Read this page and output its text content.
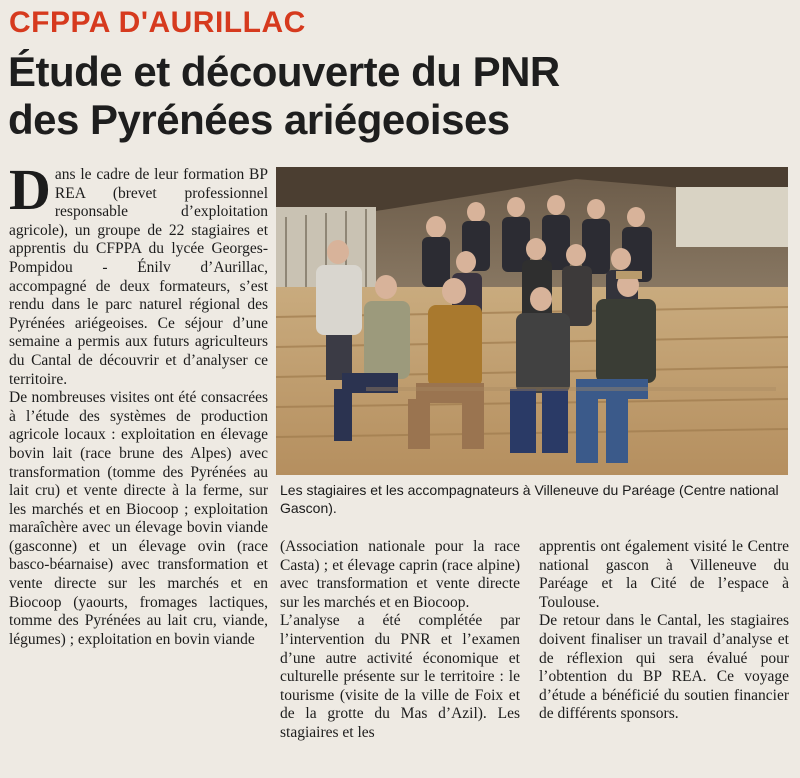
CFPPA D'AURILLAC
Étude et découverte du PNR
des Pyrénées ariégeoises

Dans le cadre de leur formation BP REA (brevet professionnel responsable d’exploitation agricole), un groupe de 22 stagiaires et apprentis du CFPPA du lycée Georges-Pompidou - Énilv d’Aurillac, accompagné de deux formateurs, s’est rendu dans le parc naturel régional des Pyrénées ariégeoises. Ce séjour d’une semaine a permis aux futurs agriculteurs du Cantal de découvrir et d’analyser ce territoire.

De nombreuses visites ont été consacrées à l’étude des systèmes de production agricole locaux : exploitation en élevage bovin lait (race brune des Alpes) avec transformation (tomme des Pyrénées au lait cru) et vente directe à la ferme, sur les marchés et en Biocoop ; exploitation maraîchère avec un élevage bovin viande (gasconne) et un élevage ovin (race basco-béarnaise) avec transformation et vente directe sur les marchés et en Biocoop (yaourts, fromages lactiques, tomme des Pyrénées au lait cru, viande, légumes) ; exploitation en bovin viande

Les stagiaires et les accompagnateurs à Villeneuve du Paréage (Centre national Gascon).

(Association nationale pour la race Casta) ; et élevage caprin (race alpine) avec transformation et vente directe sur les marchés et en Biocoop.

L’analyse a été complétée par l’intervention du PNR et l’examen d’une autre activité économique et culturelle présente sur le territoire : le tourisme (visite de la ville de Foix et de la grotte du Mas d’Azil). Les stagiaires et les

apprentis ont également visité le Centre national gascon à Villeneuve du Paréage et la Cité de l’espace à Toulouse.

De retour dans le Cantal, les stagiaires doivent finaliser un travail d’analyse et de réflexion qui sera évalué pour l’obtention du BP REA. Ce voyage d’étude a bénéficié du soutien financier de différents sponsors.
